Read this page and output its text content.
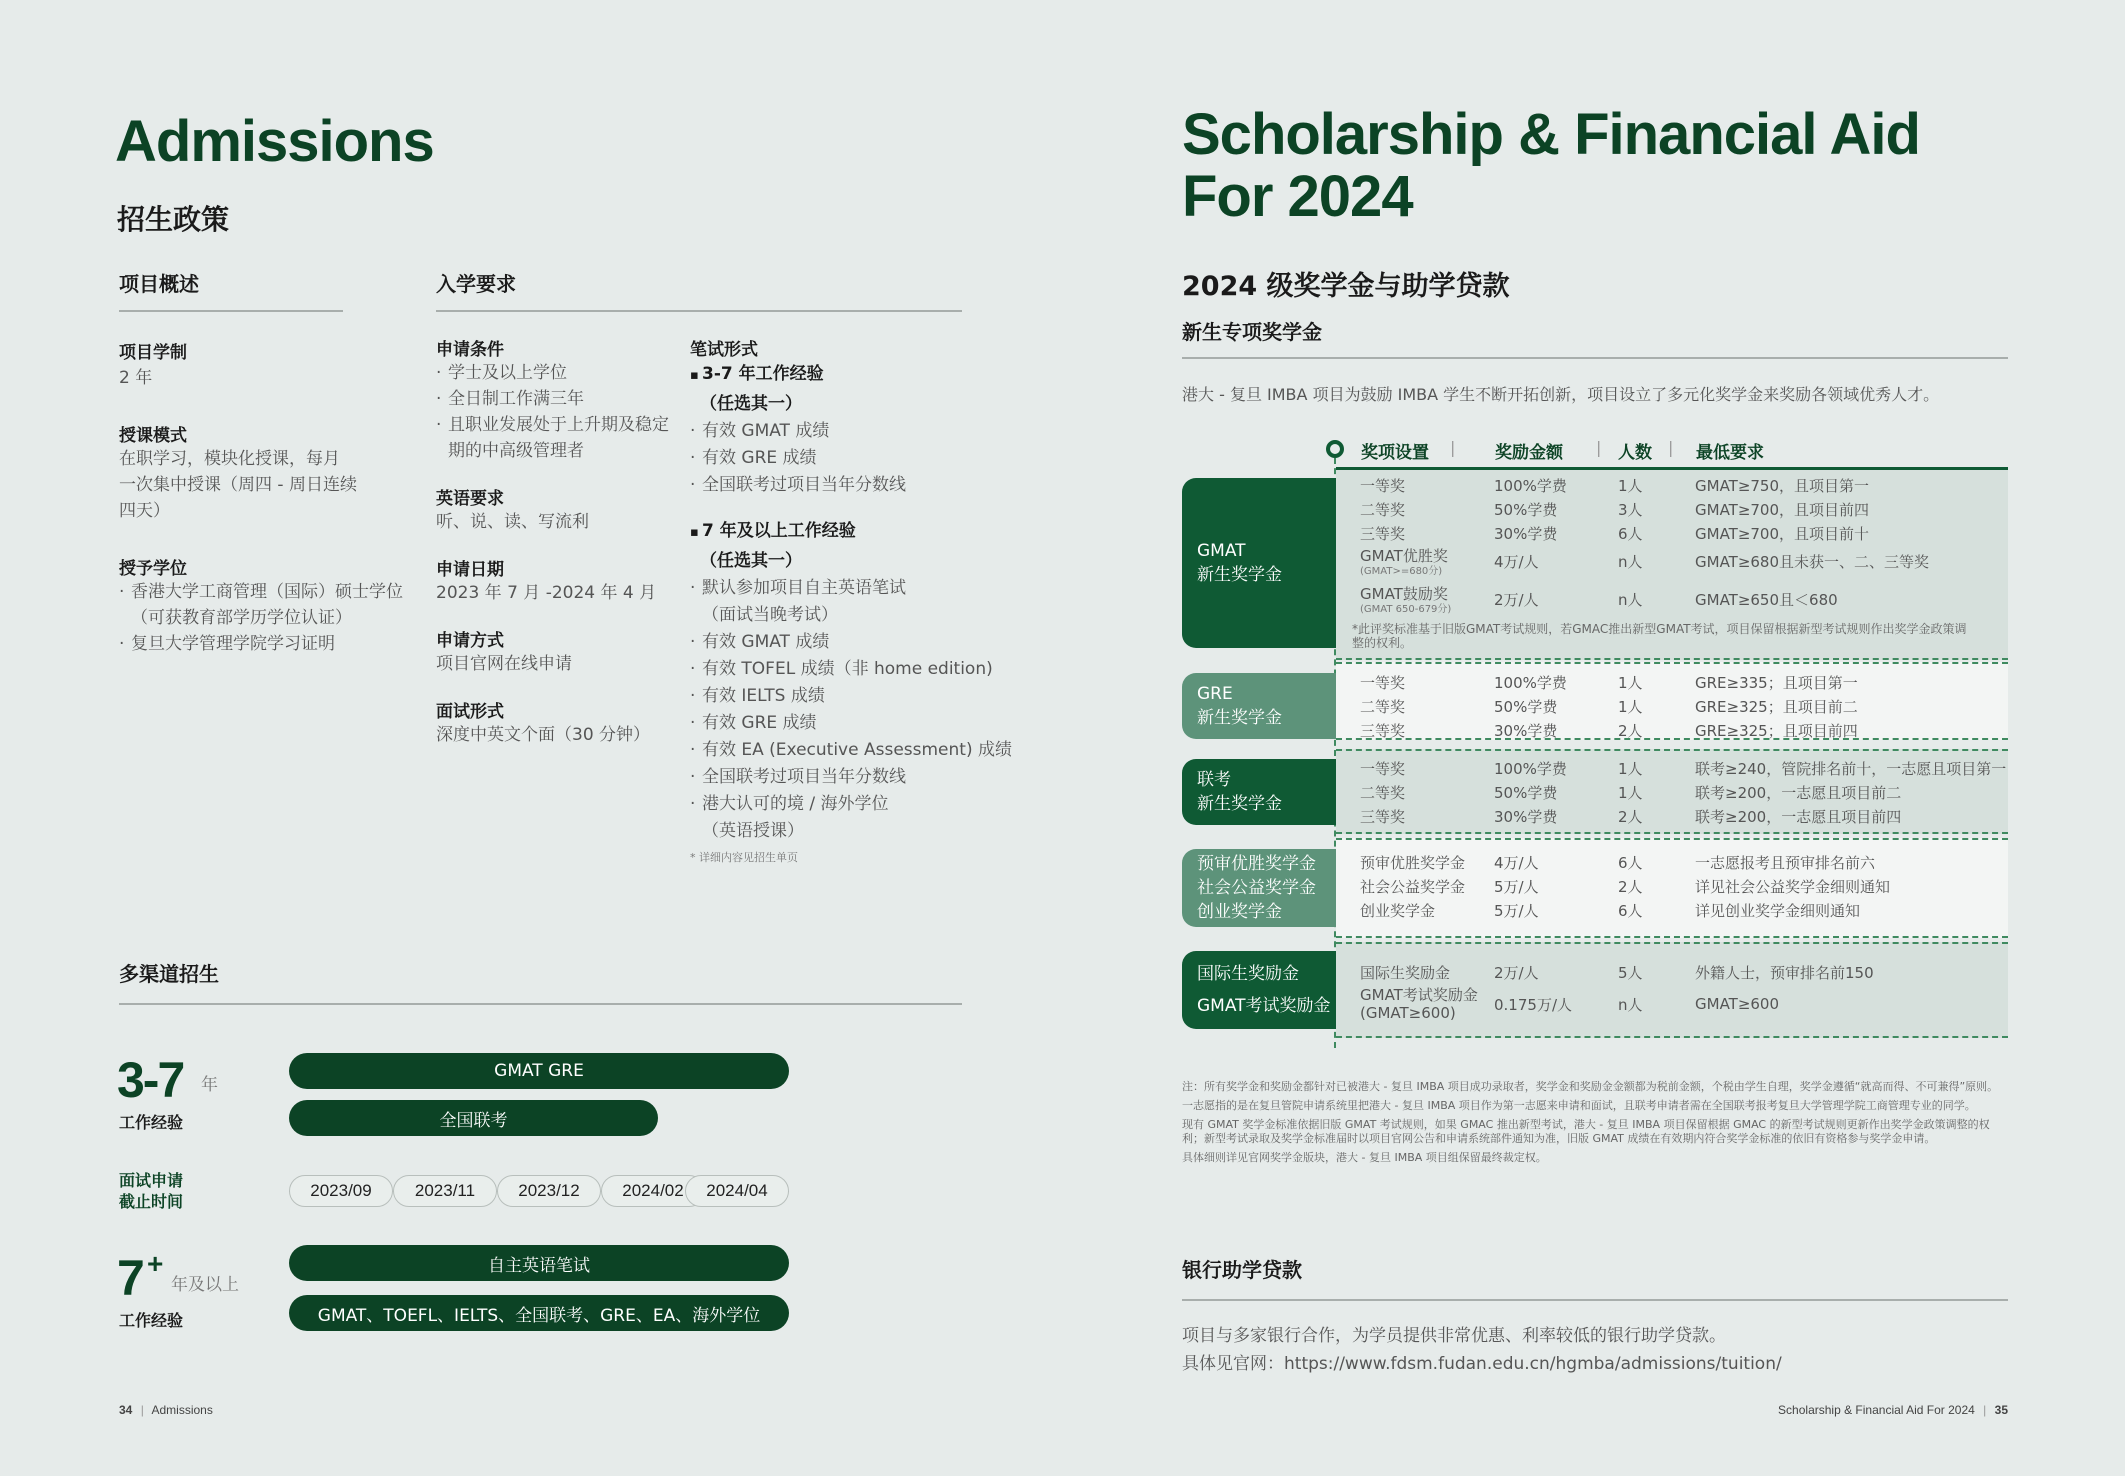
Admissions
招生政策
项目概述
项目学制
2 年
授课模式
在职学习，模块化授课，每月
一次集中授课（周四 - 周日连续
四天）
授予学位
· 香港大学工商管理（国际）硕士学位（可获教育部学历学位认证）
· 复旦大学管理学院学习证明
入学要求
申请条件
· 学士及以上学位
· 全日制工作满三年
· 且职业发展处于上升期及稳定期的中高级管理者
英语要求
听、说、读、写流利
申请日期
2023 年 7 月 -2024 年 4 月
申请方式
项目官网在线申请
面试形式
深度中英文个面（30 分钟）
笔试形式
▪ 3-7 年工作经验
（任选其一）
· 有效 GMAT 成绩
· 有效 GRE 成绩
· 全国联考过项目当年分数线
▪ 7 年及以上工作经验
（任选其一）
· 默认参加项目自主英语笔试（面试当晚考试）
· 有效 GMAT 成绩
· 有效 TOFEL 成绩（非 home edition)
· 有效 IELTS 成绩
· 有效 GRE 成绩
· 有效 EA (Executive Assessment) 成绩
· 全国联考过项目当年分数线
· 港大认可的境 / 海外学位（英语授课）
* 详细内容见招生单页
多渠道招生
3-7 年
工作经验
GMAT GRE
全国联考
面试申请
截止时间
2023/09	2023/11	2023/12	2024/02	2024/04
7 +
年及以上
工作经验
自主英语笔试
GMAT、TOEFL、IELTS、全国联考、GRE、EA、海外学位
34 | Admissions
Scholarship & Financial Aid
For 2024
2024 级奖学金与助学贷款
新生专项奖学金
港大 - 复旦 IMBA 项目为鼓励 IMBA 学生不断开拓创新，项目设立了多元化奖学金来奖励各领域优秀人才。
奖项设置 | 奖励金额 | 人数 | 最低要求
GMAT
新生奖学金
一等奖	100%学费	1人	GMAT≥750，且项目第一
二等奖	50%学费	3人	GMAT≥700，且项目前四
三等奖	30%学费	6人	GMAT≥700，且项目前十
GMAT优胜奖
(GMAT>=680分)
4万/人	n人	GMAT≥680且未获一、二、三等奖
GMAT鼓励奖
(GMAT 650-679分)
2万/人	n人	GMAT≥650且＜680
*此评奖标准基于旧版GMAT考试规则，若GMAC推出新型GMAT考试，项目保留根据新型考试规则作出奖学金政策调整的权利。
GRE
新生奖学金
一等奖	100%学费	1人	GRE≥335；且项目第一
二等奖	50%学费	1人	GRE≥325；且项目前二
三等奖	30%学费	2人	GRE≥325；且项目前四
联考
新生奖学金
一等奖	100%学费	1人	联考≥240，管院排名前十，一志愿且项目第一
二等奖	50%学费	1人	联考≥200，一志愿且项目前二
三等奖	30%学费	2人	联考≥200，一志愿且项目前四
预审优胜奖学金
社会公益奖学金
创业奖学金
预审优胜奖学金	4万/人	6人	一志愿报考且预审排名前六
社会公益奖学金	5万/人	2人	详见社会公益奖学金细则通知
创业奖学金	5万/人	6人	详见创业奖学金细则通知
国际生奖励金
GMAT考试奖励金
国际生奖励金	2万/人	5人	外籍人士，预审排名前150
GMAT考试奖励金
(GMAT≥600)	0.175万/人	n人	GMAT≥600
注：所有奖学金和奖励金都针对已被港大 - 复旦 IMBA 项目成功录取者，奖学金和奖励金金额都为税前金额，个税由学生自理，奖学金遵循“就高而得、不可兼得”原则。
一志愿指的是在复旦管院申请系统里把港大 - 复旦 IMBA 项目作为第一志愿来申请和面试，且联考申请者需在全国联考报考复旦大学管理学院工商管理专业的同学。
现有 GMAT 奖学金标准依据旧版 GMAT 考试规则，如果 GMAC 推出新型考试，港大 - 复旦 IMBA 项目保留根据 GMAC 的新型考试规则更新作出奖学金政策调整的权利；新型考试录取及奖学金标准届时以项目官网公告和申请系统部件通知为准，旧版 GMAT 成绩在有效期内符合奖学金标准的依旧有资格参与奖学金申请。
具体细则详见官网奖学金版块，港大 - 复旦 IMBA 项目组保留最终裁定权。
银行助学贷款
项目与多家银行合作，为学员提供非常优惠、利率较低的银行助学贷款。
具体见官网：https://www.fdsm.fudan.edu.cn/hgmba/admissions/tuition/
Scholarship & Financial Aid For 2024 | 35
